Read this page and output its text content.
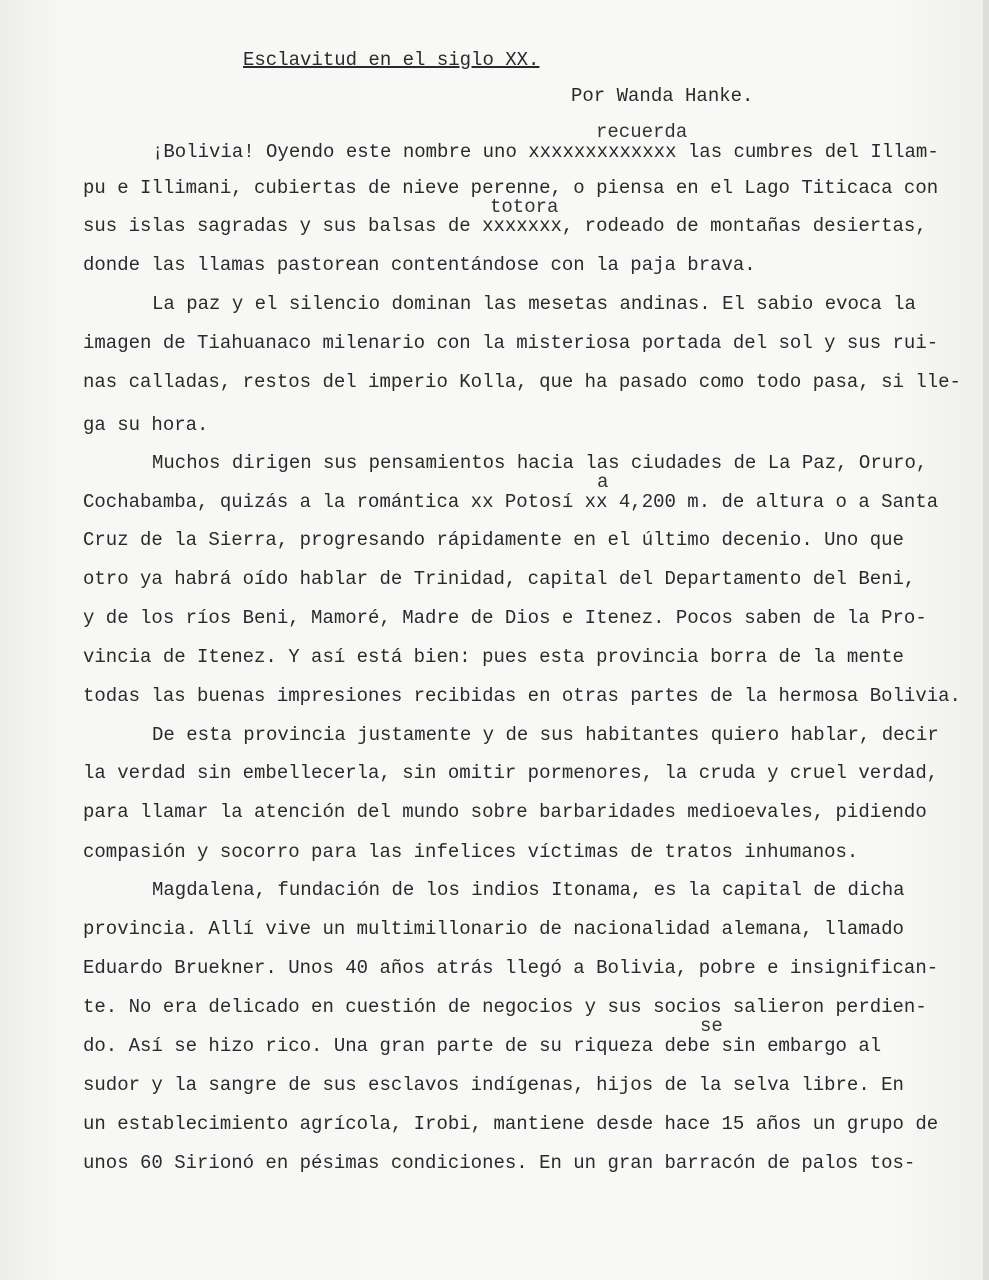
Esclavitud en el siglo XX.
Por Wanda Hanke.
recuerda
totora
a
se
¡Bolivia! Oyendo este nombre uno xxxxxxxxxxxxx las cumbres del Illam-
pu e Illimani, cubiertas de nieve perenne, o piensa en el Lago Titicaca con
sus islas sagradas y sus balsas de xxxxxxx, rodeado de montañas desiertas,
donde las llamas pastorean contentándose con la paja brava.
La paz y el silencio dominan las mesetas andinas. El sabio evoca la
imagen de Tiahuanaco milenario con la misteriosa portada del sol y sus rui-
nas calladas, restos del imperio Kolla, que ha pasado como todo pasa, si lle-
ga su hora.
Muchos dirigen sus pensamientos hacia las ciudades de La Paz, Oruro,
Cochabamba, quizás a la romántica xx Potosí xx 4,200 m. de altura o a Santa
Cruz de la Sierra, progresando rápidamente en el último decenio. Uno que
otro ya habrá oído hablar de Trinidad, capital del Departamento del Beni,
y de los ríos Beni, Mamoré, Madre de Dios e Itenez. Pocos saben de la Pro-
vincia de Itenez. Y así está bien: pues esta provincia borra de la mente
todas las buenas impresiones recibidas en otras partes de la hermosa Bolivia.
De esta provincia justamente y de sus habitantes quiero hablar, decir
la verdad sin embellecerla, sin omitir pormenores, la cruda y cruel verdad,
para llamar la atención del mundo sobre barbaridades medioevales, pidiendo
compasión y socorro para las infelices víctimas de tratos inhumanos.
Magdalena, fundación de los indios Itonama, es la capital de dicha
provincia. Allí vive un multimillonario de nacionalidad alemana, llamado
Eduardo Bruekner. Unos 40 años atrás llegó a Bolivia, pobre e insignifican-
te. No era delicado en cuestión de negocios y sus socios salieron perdien-
do. Así se hizo rico. Una gran parte de su riqueza debe sin embargo al
sudor y la sangre de sus esclavos indígenas, hijos de la selva libre. En
un establecimiento agrícola, Irobi, mantiene desde hace 15 años un grupo de
unos 60 Sirionó en pésimas condiciones. En un gran barracón de palos tos-
